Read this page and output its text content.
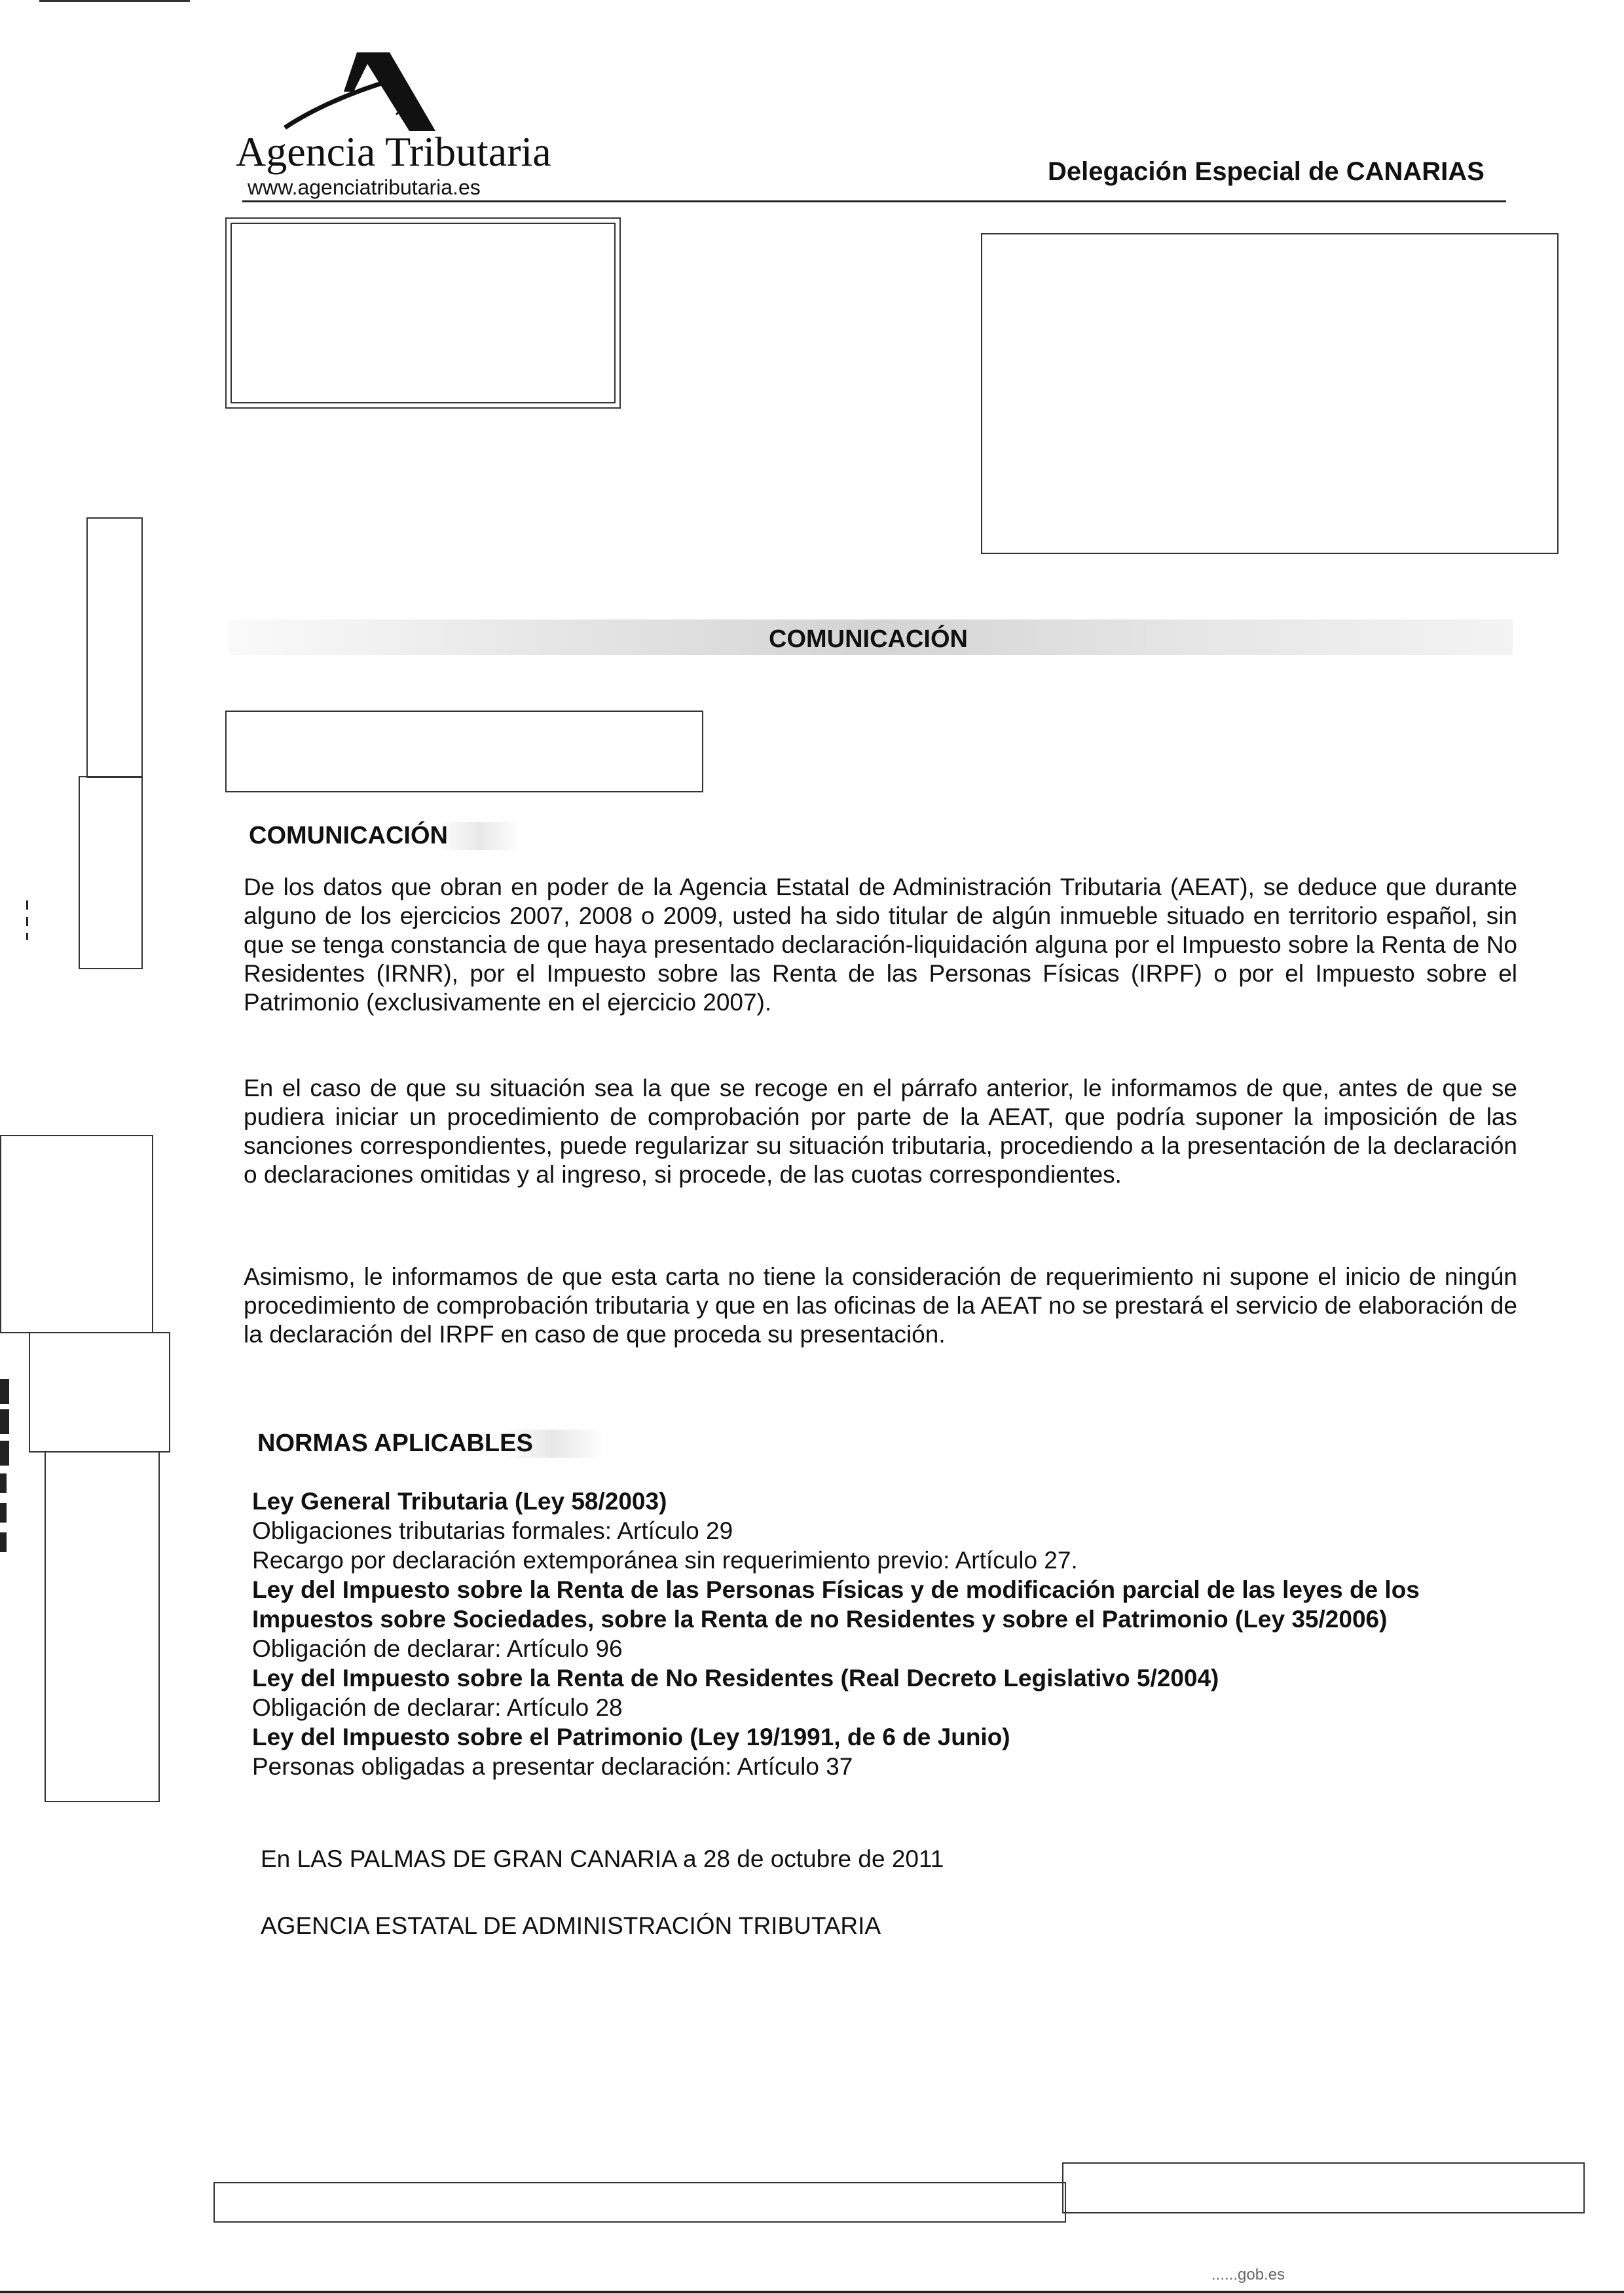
Agencia Tributaria
www.agenciatributaria.es
Delegación Especial de CANARIAS
COMUNICACIÓN
COMUNICACIÓN

De los datos que obran en poder de la Agencia Estatal de Administración Tributaria (AEAT), se deduce que durante alguno de los ejercicios 2007, 2008 o 2009, usted ha sido titular de algún inmueble situado en territorio español, sin que se tenga constancia de que haya presentado declaración-liquidación alguna por el Impuesto sobre la Renta de No Residentes (IRNR), por el Impuesto sobre las Renta de las Personas Físicas (IRPF) o por el Impuesto sobre el Patrimonio (exclusivamente en el ejercicio 2007).

En el caso de que su situación sea la que se recoge en el párrafo anterior, le informamos de que, antes de que se pudiera iniciar un procedimiento de comprobación por parte de la AEAT, que podría suponer la imposición de las sanciones correspondientes, puede regularizar su situación tributaria, procediendo a la presentación de la declaración o declaraciones omitidas y al ingreso, si procede, de las cuotas correspondientes.

Asimismo, le informamos de que esta carta no tiene la consideración de requerimiento ni supone el inicio de ningún procedimiento de comprobación tributaria y que en las oficinas de la AEAT no se prestará el servicio de elaboración de la declaración del IRPF en caso de que proceda su presentación.

NORMAS APLICABLES
Ley General Tributaria (Ley 58/2003)
Obligaciones tributarias formales: Artículo 29
Recargo por declaración extemporánea sin requerimiento previo: Artículo 27.
Ley del Impuesto sobre la Renta de las Personas Físicas y de modificación parcial de las leyes de los Impuestos sobre Sociedades, sobre la Renta de no Residentes y sobre el Patrimonio (Ley 35/2006)
Obligación de declarar: Artículo 96
Ley del Impuesto sobre la Renta de No Residentes (Real Decreto Legislativo 5/2004)
Obligación de declarar: Artículo 28
Ley del Impuesto sobre el Patrimonio (Ley 19/1991, de 6 de Junio)
Personas obligadas a presentar declaración: Artículo 37
En LAS PALMAS DE GRAN CANARIA a 28 de octubre de 2011
AGENCIA ESTATAL DE ADMINISTRACIÓN TRIBUTARIA
......gob.es
